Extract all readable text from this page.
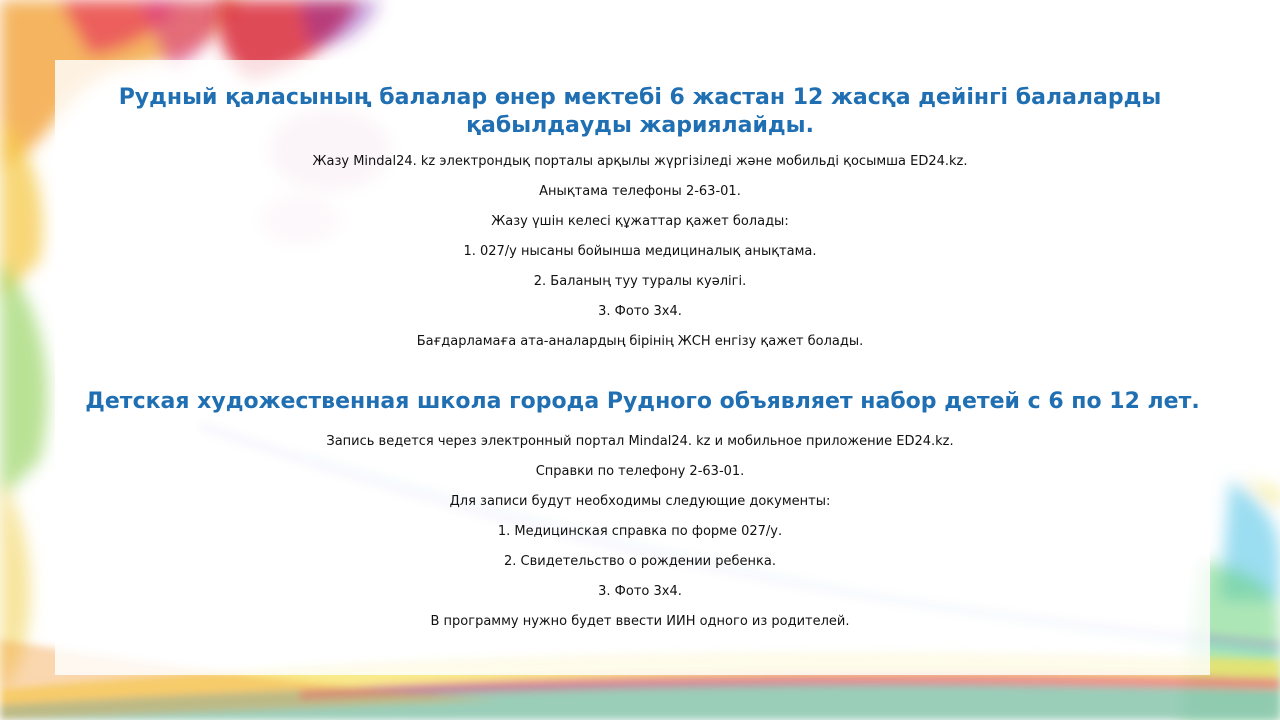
Рудный қаласының балалар өнер мектебі 6 жастан 12 жасқа дейінгі балаларды қабылдауды жариялайды.

Жазу Mindal24. kz электрондық порталы арқылы жүргізіледі және мобильді қосымша ED24.kz.

Анықтама телефоны 2-63-01.

Жазу үшін келесі құжаттар қажет болады:

1. 027/у нысаны бойынша медициналық анықтама.

2. Баланың туу туралы куәлігі.

3. Фото 3х4.

Бағдарламаға ата-аналардың бірінің ЖСН енгізу қажет болады.

Детская художественная школа города Рудного объявляет набор детей с 6 по 12 лет.

Запись ведется через электронный портал Mindal24. kz и мобильное приложение ED24.kz.

Справки по телефону 2-63-01.

Для записи будут необходимы следующие документы:

1. Медицинская справка по форме 027/у.

2. Свидетельство о рождении ребенка.

3. Фото 3х4.

В программу нужно будет ввести ИИН одного из родителей.
